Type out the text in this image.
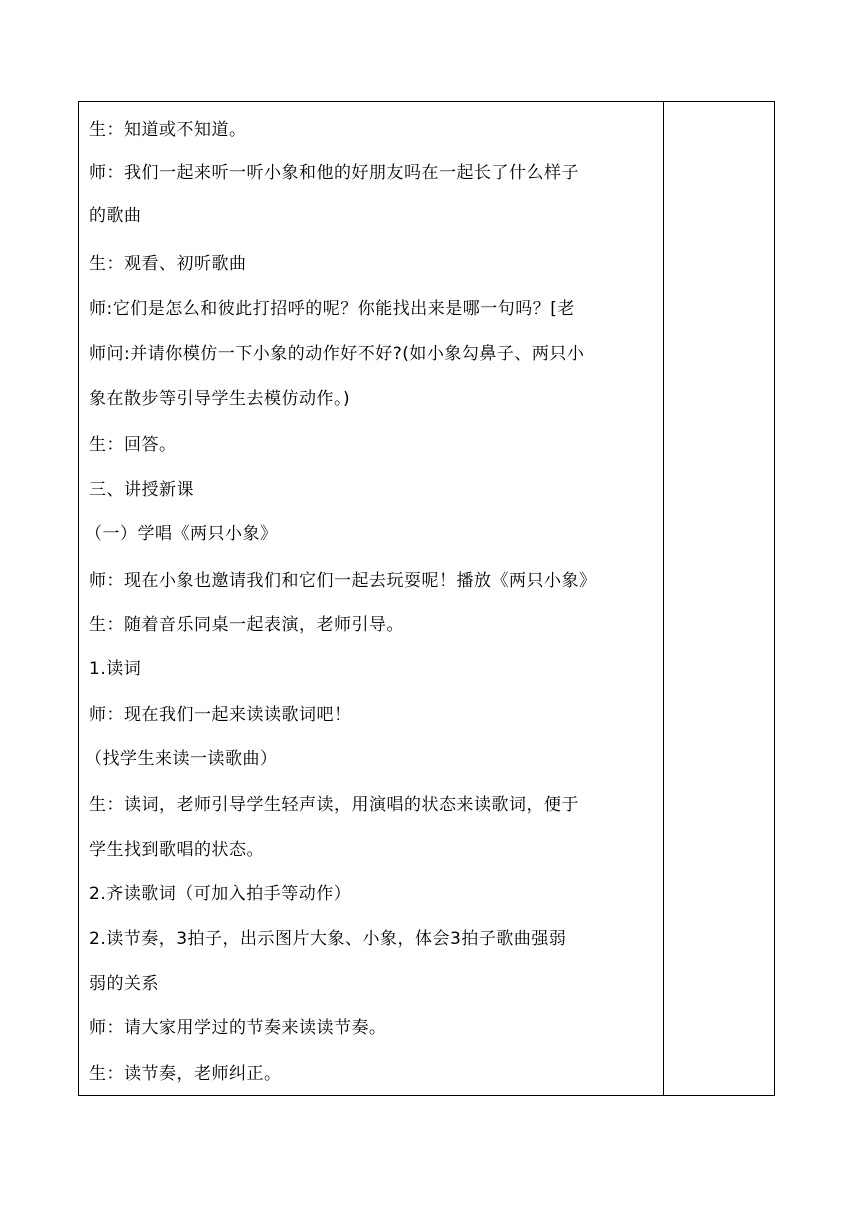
生：知道或不知道。
师：我们一起来听一听小象和他的好朋友吗在一起长了什么样子
的歌曲
生：观看、初听歌曲
师:它们是怎么和彼此打招呼的呢？你能找出来是哪一句吗？[老
师问:并请你模仿一下小象的动作好不好?(如小象勾鼻子、两只小
象在散步等引导学生去模仿动作。)
生：回答。
三、讲授新课
（一）学唱《两只小象》
师：现在小象也邀请我们和它们一起去玩耍呢！播放《两只小象》
生：随着音乐同桌一起表演，老师引导。
1.读词
师：现在我们一起来读读歌词吧！
（找学生来读一读歌曲）
生：读词，老师引导学生轻声读，用演唱的状态来读歌词，便于
学生找到歌唱的状态。
2.齐读歌词（可加入拍手等动作）
2.读节奏，3拍子，出示图片大象、小象，体会3拍子歌曲强弱
弱的关系
师：请大家用学过的节奏来读读节奏。
生：读节奏，老师纠正。
